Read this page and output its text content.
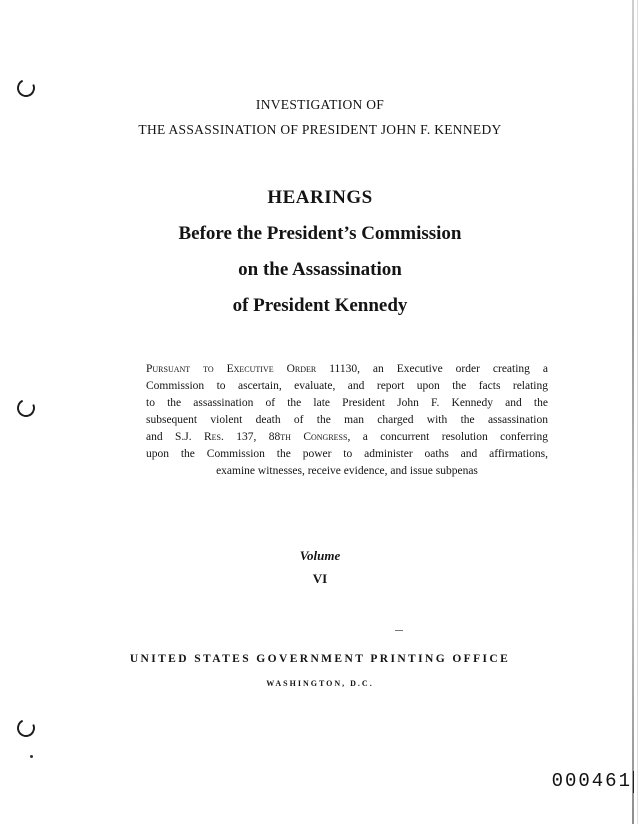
INVESTIGATION OF
THE ASSASSINATION OF PRESIDENT JOHN F. KENNEDY
HEARINGS
Before the President’s Commission
on the Assassination
of President Kennedy
Pursuant to Executive Order 11130, an Executive order creating a
Commission to ascertain, evaluate, and report upon the facts relating
to the assassination of the late President John F. Kennedy and the
subsequent violent death of the man charged with the assassination
and S.J. Res. 137, 88th Congress, a concurrent resolution conferring
upon the Commission the power to administer oaths and affirmations,
examine witnesses, receive evidence, and issue subpenas
Volume
VI
UNITED STATES GOVERNMENT PRINTING OFFICE
WASHINGTON, D.C.
000461
